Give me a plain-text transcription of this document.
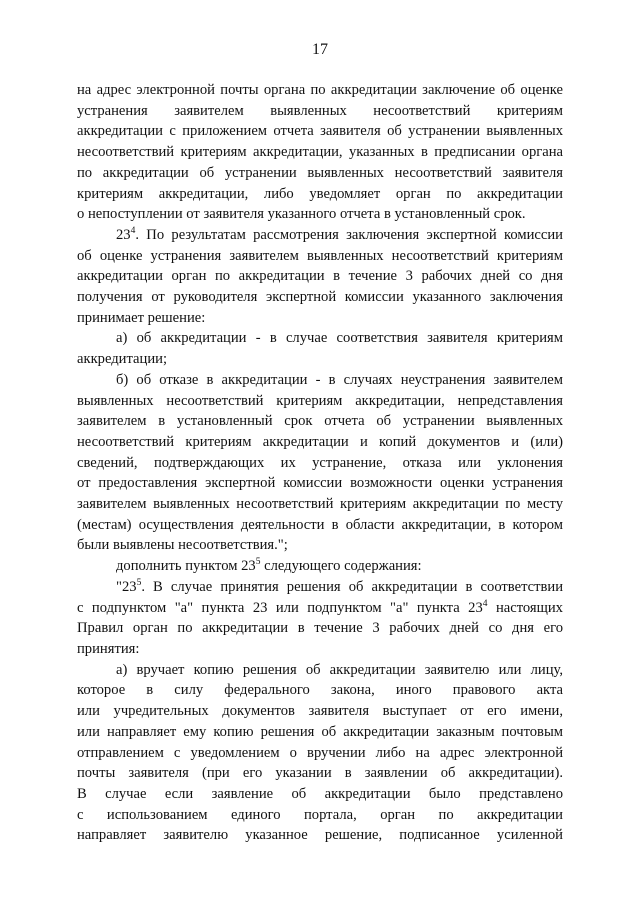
17
на адрес электронной почты органа по аккредитации заключение об оценке
устранения заявителем выявленных несоответствий критериям
аккредитации с приложением отчета заявителя об устранении выявленных
несоответствий критериям аккредитации, указанных в предписании органа
по аккредитации об устранении выявленных несоответствий заявителя
критериям аккредитации, либо уведомляет орган по аккредитации
о непоступлении от заявителя указанного отчета в установленный срок.
$23^4$. По результатам рассмотрения заключения экспертной комиссии
об оценке устранения заявителем выявленных несоответствий критериям
аккредитации орган по аккредитации в течение 3 рабочих дней со дня
получения от руководителя экспертной комиссии указанного заключения
принимает решение:
а) об аккредитации - в случае соответствия заявителя критериям
аккредитации;
б) об отказе в аккредитации - в случаях неустранения заявителем
выявленных несоответствий критериям аккредитации, непредставления
заявителем в установленный срок отчета об устранении выявленных
несоответствий критериям аккредитации и копий документов и (или)
сведений, подтверждающих их устранение, отказа или уклонения
от предоставления экспертной комиссии возможности оценки устранения
заявителем выявленных несоответствий критериям аккредитации по месту
(местам) осуществления деятельности в области аккредитации, в котором
были выявлены несоответствия.";
дополнить пунктом $23^5$ следующего содержания:
"$23^5$. В случае принятия решения об аккредитации в соответствии
с подпунктом "а" пункта 23 или подпунктом "а" пункта $23^4$ настоящих
Правил орган по аккредитации в течение 3 рабочих дней со дня его
принятия:
а) вручает копию решения об аккредитации заявителю или лицу,
которое в силу федерального закона, иного правового акта
или учредительных документов заявителя выступает от его имени,
или направляет ему копию решения об аккредитации заказным почтовым
отправлением с уведомлением о вручении либо на адрес электронной
почты заявителя (при его указании в заявлении об аккредитации).
В случае если заявление об аккредитации было представлено
с использованием единого портала, орган по аккредитации
направляет заявителю указанное решение, подписанное усиленной
